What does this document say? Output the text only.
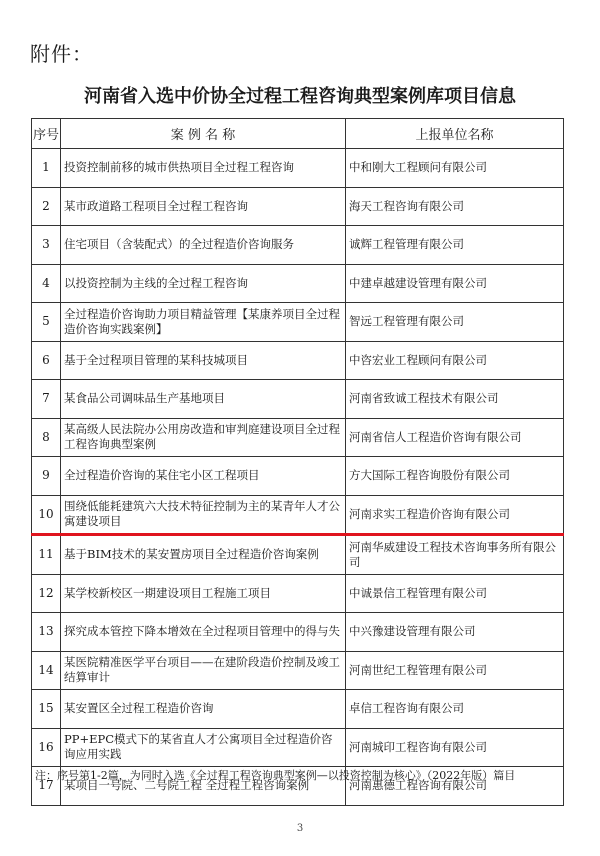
附件：
河南省入选中价协全过程工程咨询典型案例库项目信息
序号	案 例 名 称	上报单位名称
1	投资控制前移的城市供热项目全过程工程咨询	中和刚大工程顾问有限公司
2	某市政道路工程项目全过程工程咨询	海天工程咨询有限公司
3	住宅项目（含装配式）的全过程造价咨询服务	诚辉工程管理有限公司
4	以投资控制为主线的全过程工程咨询	中建卓越建设管理有限公司
5	全过程造价咨询助力项目精益管理【某康养项目全过程造价咨询实践案例】	智远工程管理有限公司
6	基于全过程项目管理的某科技城项目	中咨宏业工程顾问有限公司
7	某食品公司调味品生产基地项目	河南省致诚工程技术有限公司
8	某高级人民法院办公用房改造和审判庭建设项目全过程工程咨询典型案例	河南省信人工程造价咨询有限公司
9	全过程造价咨询的某住宅小区工程项目	方大国际工程咨询股份有限公司
10	围绕低能耗建筑六大技术特征控制为主的某青年人才公寓建设项目	河南求实工程造价咨询有限公司
11	基于BIM技术的某安置房项目全过程造价咨询案例	河南华威建设工程技术咨询事务所有限公司
12	某学校新校区一期建设项目工程施工项目	中诚景信工程管理有限公司
13	探究成本管控下降本增效在全过程项目管理中的得与失	中兴豫建设管理有限公司
14	某医院精准医学平台项目——在建阶段造价控制及竣工结算审计	河南世纪工程管理有限公司
15	某安置区全过程工程造价咨询	卓信工程咨询有限公司
16	PP+EPC模式下的某省直人才公寓项目全过程造价咨询应用实践	河南城印工程咨询有限公司
17	某项目一号院、二号院工程 全过程工程咨询案例	河南惠德工程咨询有限公司
注：序号第1-2篇，为同时入选《全过程工程咨询典型案例—以投资控制为核心》（2022年版）篇目
3
